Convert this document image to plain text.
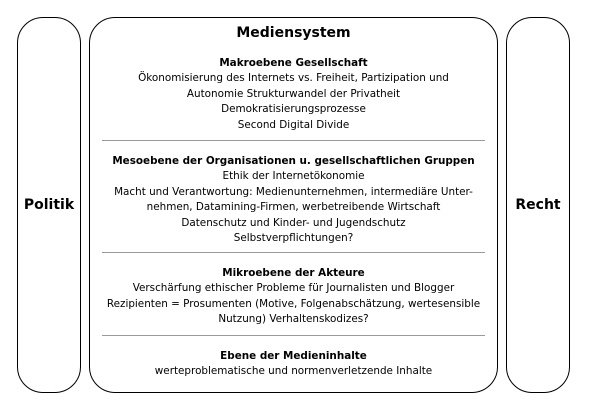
Politik
Mediensystem
Makroebene Gesellschaft
Ökonomisierung des Internets vs. Freiheit, Partizipation und
Autonomie Strukturwandel der Privatheit
Demokratisierungsprozesse
Second Digital Divide
Mesoebene der Organisationen u. gesellschaftlichen Gruppen
Ethik der Internetökonomie
Macht und Verantwortung: Medienunternehmen, intermediäre Unter-
nehmen, Datamining-Firmen, werbetreibende Wirtschaft
Datenschutz und Kinder- und Jugendschutz
Selbstverpflichtungen?
Mikroebene der Akteure
Verschärfung ethischer Probleme für Journalisten und Blogger
Rezipienten = Prosumenten (Motive, Folgenabschätzung, wertesensible
Nutzung) Verhaltenskodizes?
Ebene der Medieninhalte
werteproblematische und normenverletzende Inhalte
Recht
